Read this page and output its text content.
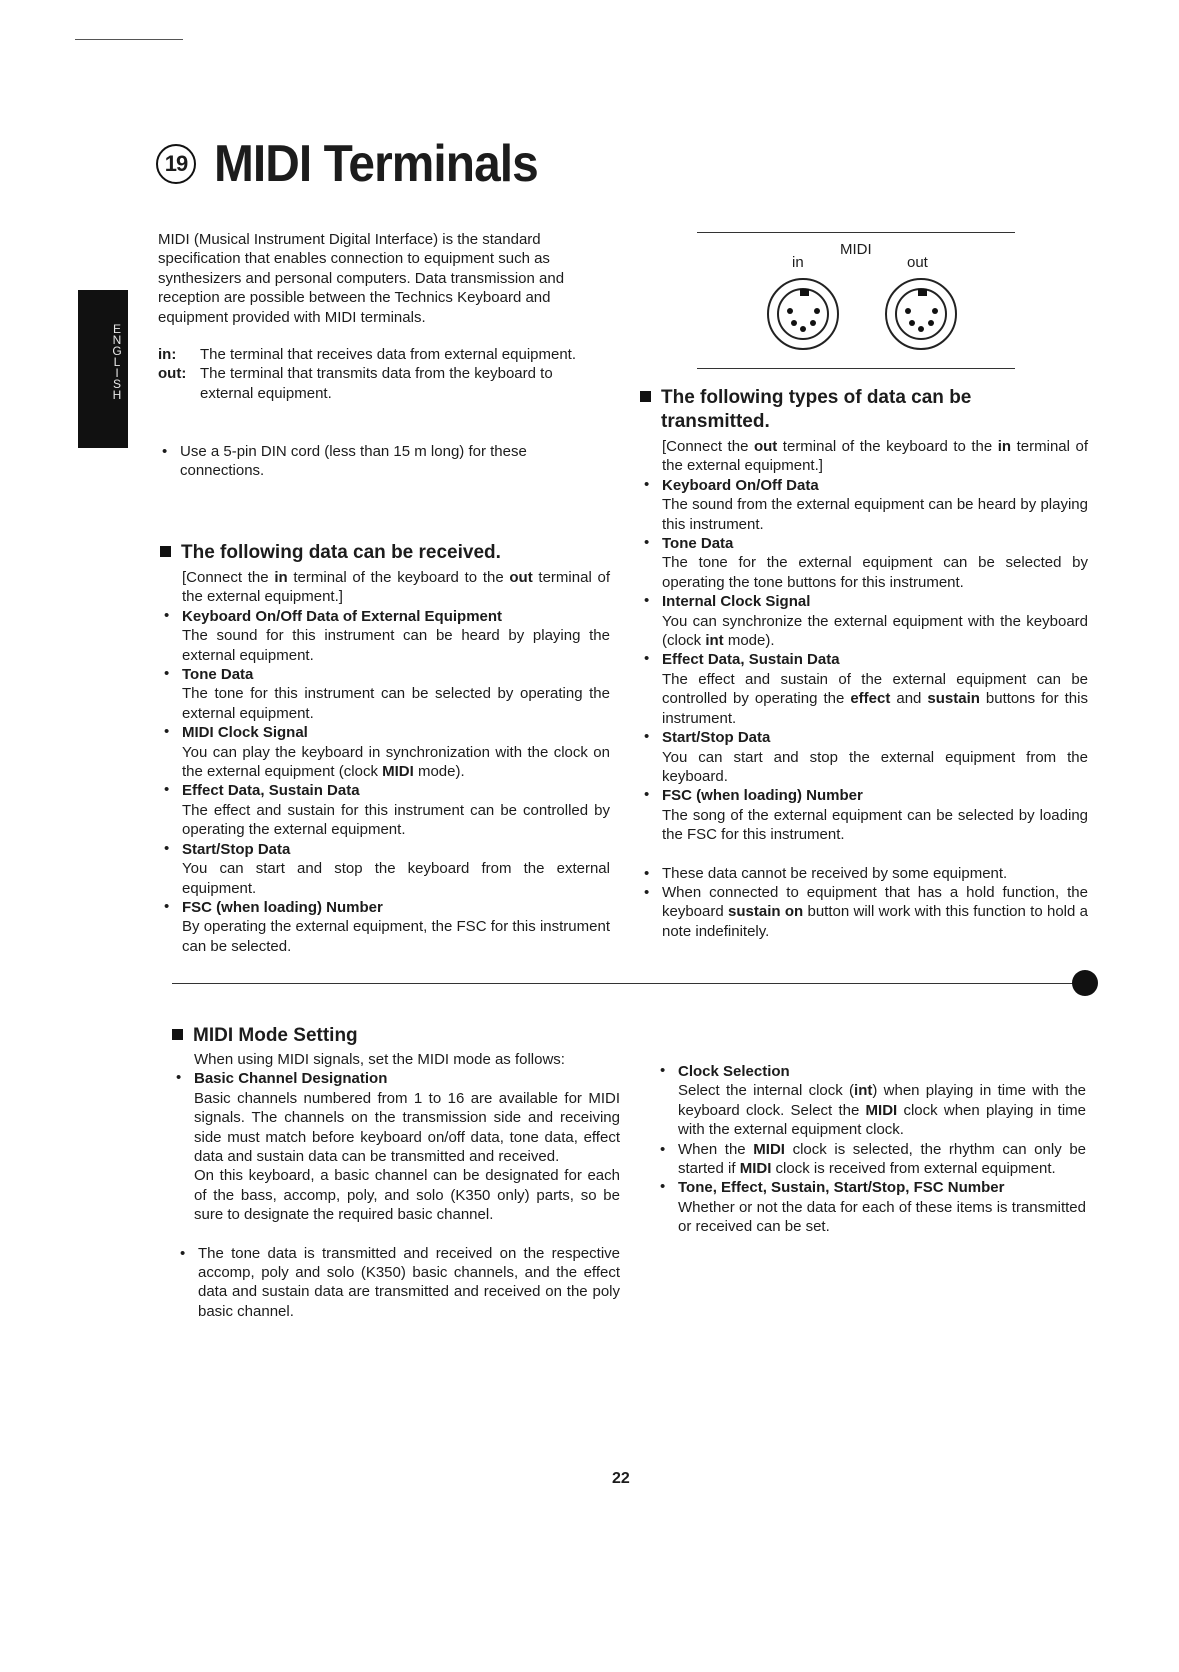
E
N
G
L
I
S
H
19 MIDI Terminals

MIDI (Musical Instrument Digital Interface) is the standard specification that enables connection to equipment such as synthesizers and personal computers. Data transmission and reception are possible between the Technics Keyboard and equipment provided with MIDI terminals.

in:	The terminal that receives data from external equipment.
out: The terminal that transmits data from the keyboard to external equipment.

• Use a 5-pin DIN cord (less than 15 m long) for these connections.

The following data can be received.

[Connect the in terminal of the keyboard to the out terminal of the external equipment.]

• Keyboard On/Off Data of External Equipment

The sound for this instrument can be heard by playing the external equipment.

• Tone Data

The tone for this instrument can be selected by operating the external equipment.

• MIDI Clock Signal

You can play the keyboard in synchronization with the clock on the external equipment (clock MIDI mode).

• Effect Data, Sustain Data

The effect and sustain for this instrument can be controlled by operating the external equipment.

• Start/Stop Data

You can start and stop the keyboard from the external equipment.

• FSC (when loading) Number

By operating the external equipment, the FSC for this instrument can be selected.

MIDI
in	out
The following types of data can be
transmitted.

[Connect the out terminal of the keyboard to the in terminal of the external equipment.]

• Keyboard On/Off Data

The sound from the external equipment can be heard by playing this instrument.

• Tone Data

The tone for the external equipment can be selected by operating the tone buttons for this instrument.

• Internal Clock Signal

You can synchronize the external equipment with the keyboard (clock int mode).

• Effect Data, Sustain Data

The effect and sustain of the external equipment can be controlled by operating the effect and sustain buttons for this instrument.

• Start/Stop Data

You can start and stop the external equipment from the keyboard.

• FSC (when loading) Number

The song of the external equipment can be selected by loading the FSC for this instrument.

• These data cannot be received by some equipment.

• When connected to equipment that has a hold function, the keyboard sustain on button will work with this function to hold a note indefinitely.

MIDI Mode Setting

When using MIDI signals, set the MIDI mode as follows:

• Basic Channel Designation

Basic channels numbered from 1 to 16 are available for MIDI signals. The channels on the transmission side and receiving side must match before keyboard on/off data, tone data, effect data and sustain data can be transmitted and received.

On this keyboard, a basic channel can be designated for each of the bass, accomp, poly, and solo (K350 only) parts, so be sure to designate the required basic channel.

• The tone data is transmitted and received on the respective accomp, poly and solo (K350) basic channels, and the effect data and sustain data are transmitted and received on the poly basic channel.

• Clock Selection

Select the internal clock (int) when playing in time with the keyboard clock. Select the MIDI clock when playing in time with the external equipment clock.

• When the MIDI clock is selected, the rhythm can only be started if MIDI clock is received from external equipment.

• Tone, Effect, Sustain, Start/Stop, FSC Number

Whether or not the data for each of these items is transmitted or received can be set.

22
